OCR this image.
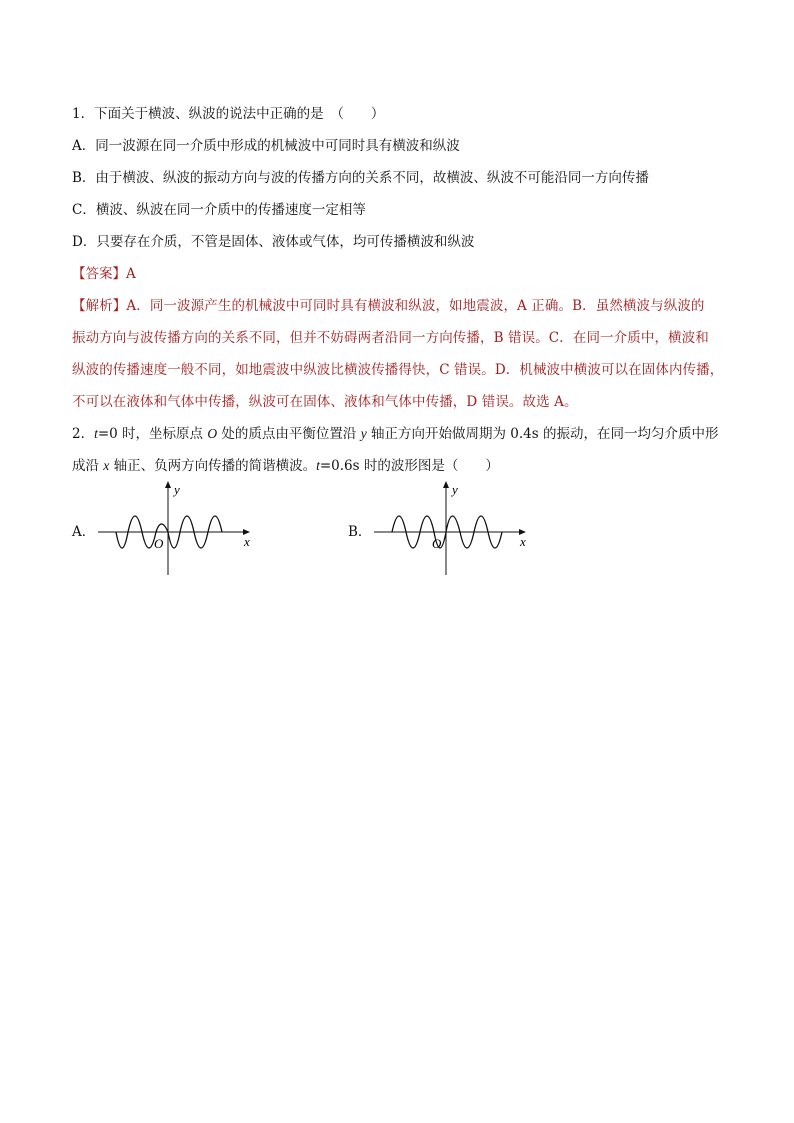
1．下面关于横波、纵波的说法中正确的是　（　　）
A．同一波源在同一介质中形成的机械波中可同时具有横波和纵波
B．由于横波、纵波的振动方向与波的传播方向的关系不同，故横波、纵波不可能沿同一方向传播
C．横波、纵波在同一介质中的传播速度一定相等
D．只要存在介质，不管是固体、液体或气体，均可传播横波和纵波
【答案】A
【解析】A．同一波源产生的机械波中可同时具有横波和纵波，如地震波，A 正确。B．虽然横波与纵波的
振动方向与波传播方向的关系不同，但并不妨碍两者沿同一方向传播，B 错误。C．在同一介质中，横波和
纵波的传播速度一般不同，如地震波中纵波比横波传播得快，C 错误。D．机械波中横波可以在固体内传播，
不可以在液体和气体中传播，纵波可在固体、液体和气体中传播，D 错误。故选 A。
2．t=0 时，坐标原点 O 处的质点由平衡位置沿 y 轴正方向开始做周期为 0.4s 的振动，在同一均匀介质中形
成沿 x 轴正、负两方向传播的简谐横波。t=0.6s 时的波形图是（　　）
A．
x
y
O
B．
x
y
O
